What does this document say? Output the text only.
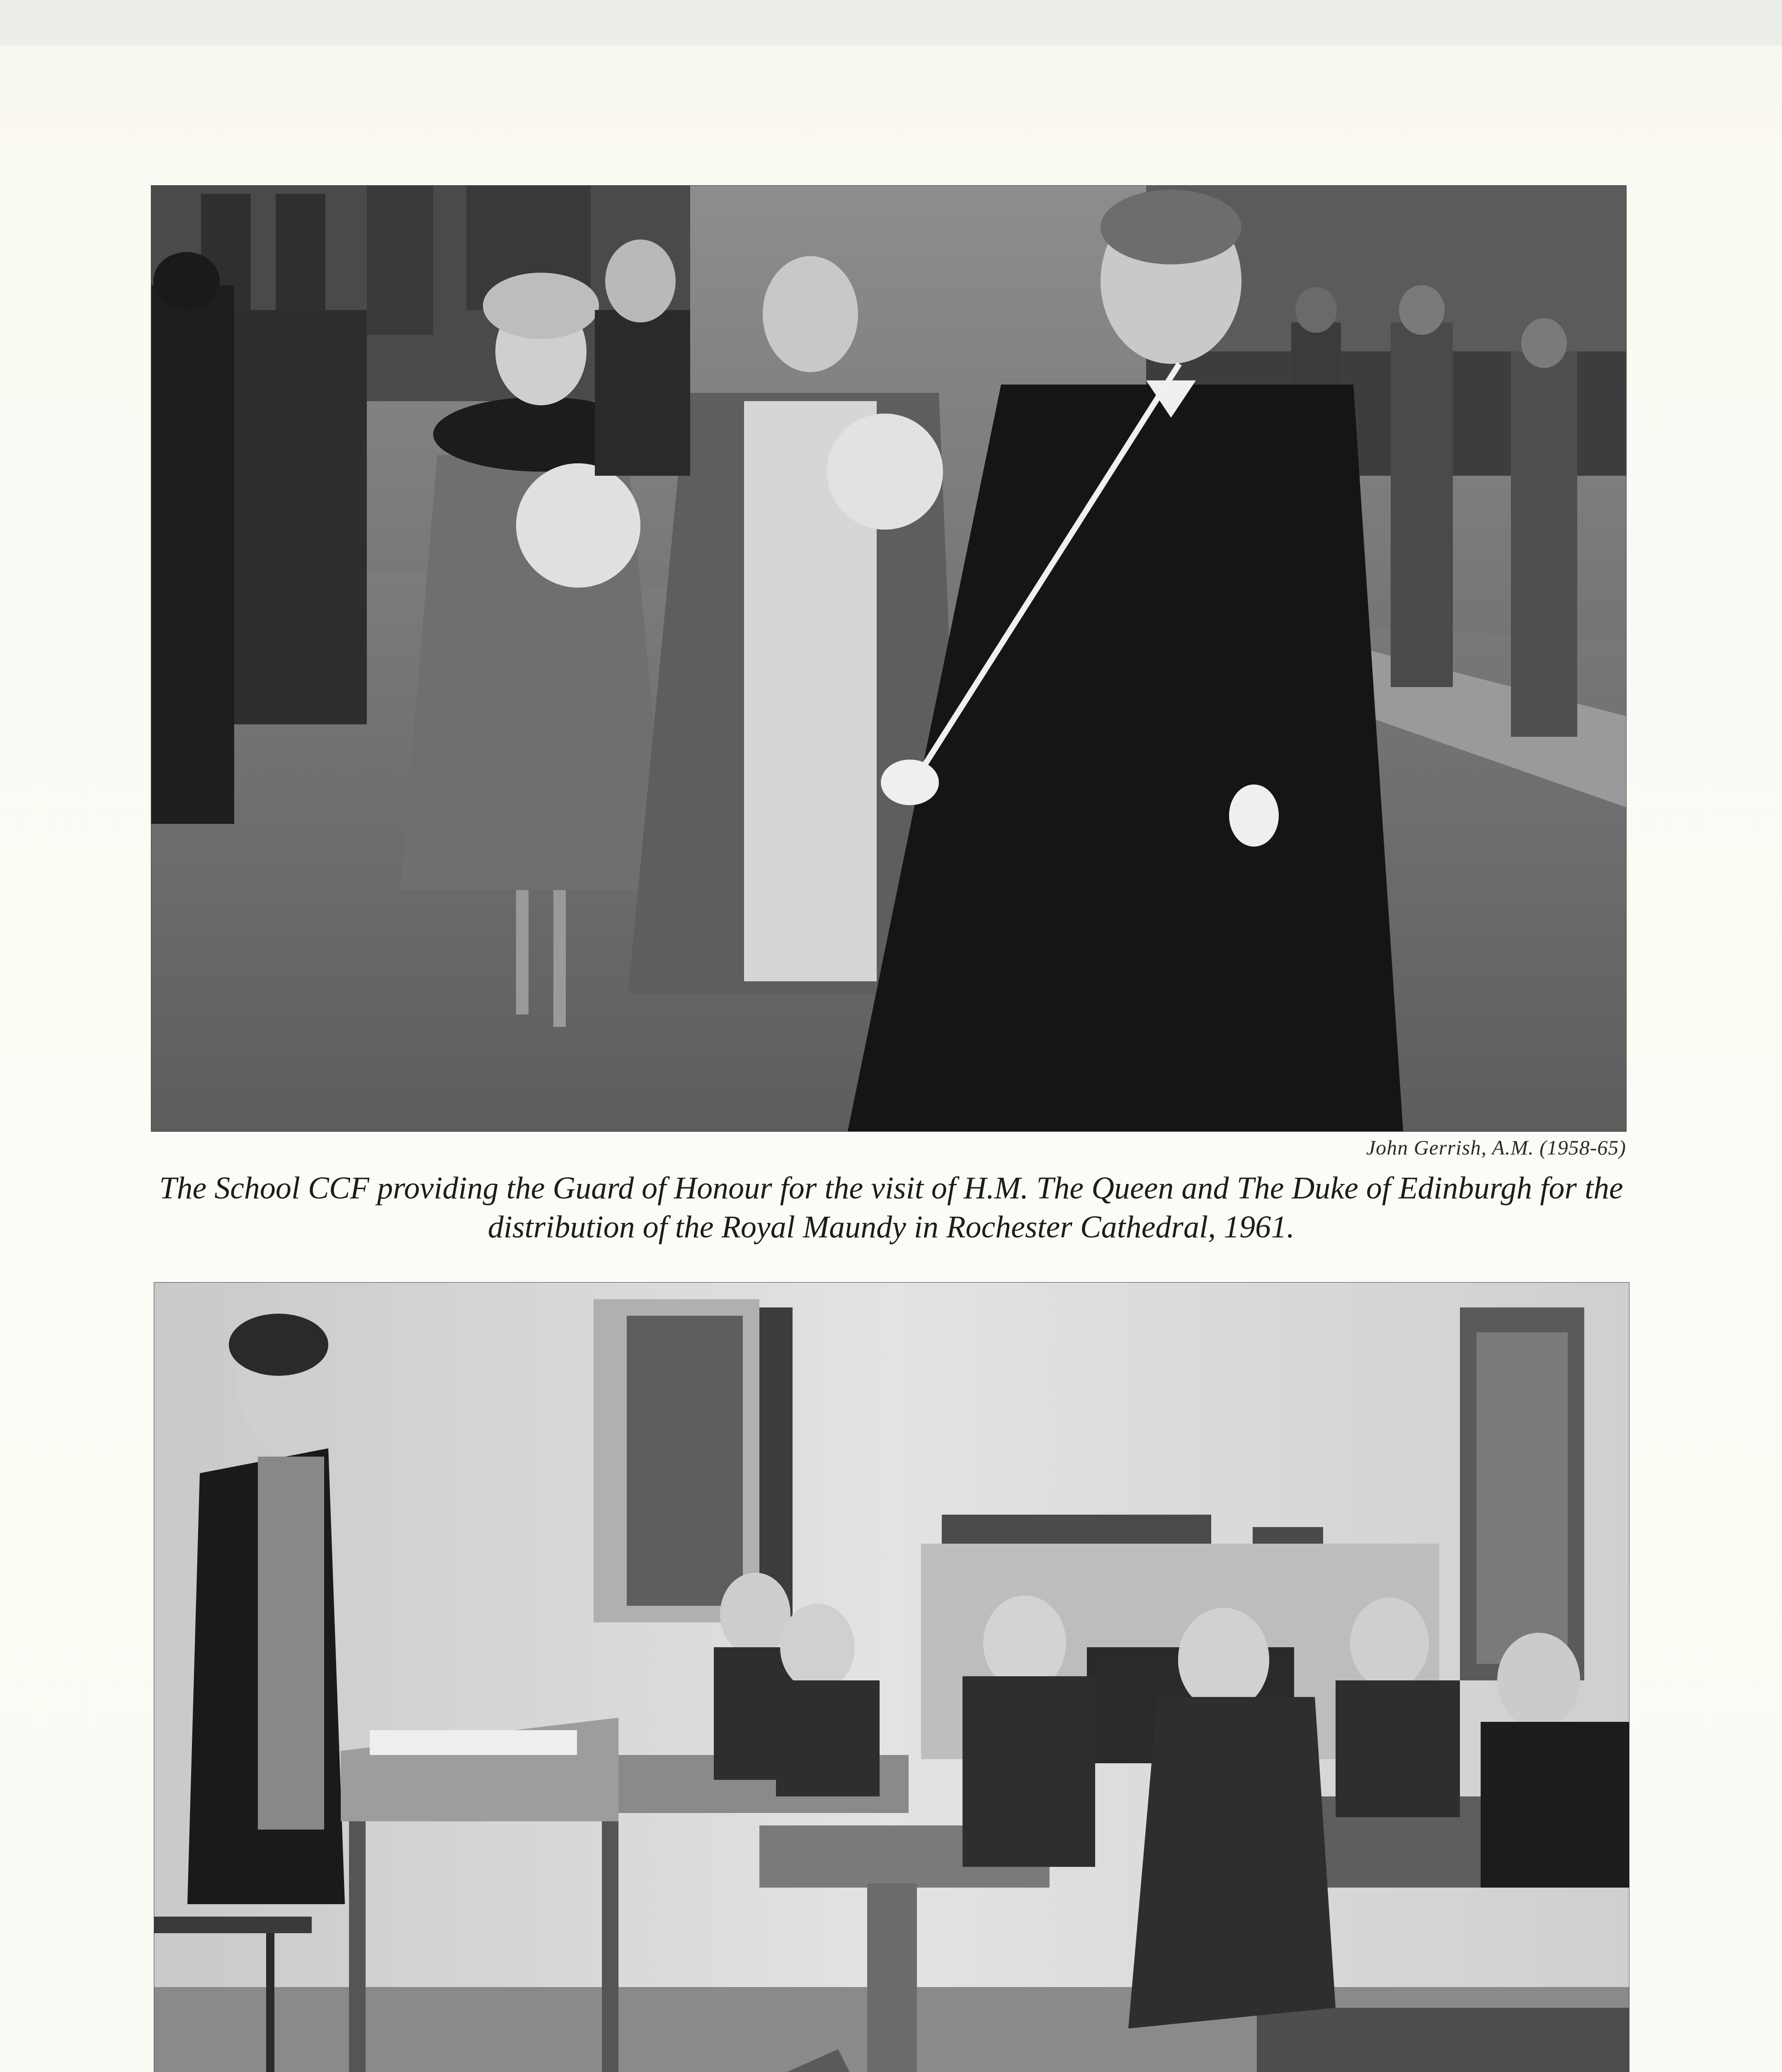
John Gerrish, A.M. (1958-65)
The School CCF providing the Guard of Honour for the visit of H.M. The Queen and The Duke of Edinburgh for the distribution of the Royal Maundy in Rochester Cathedral, 1961.
